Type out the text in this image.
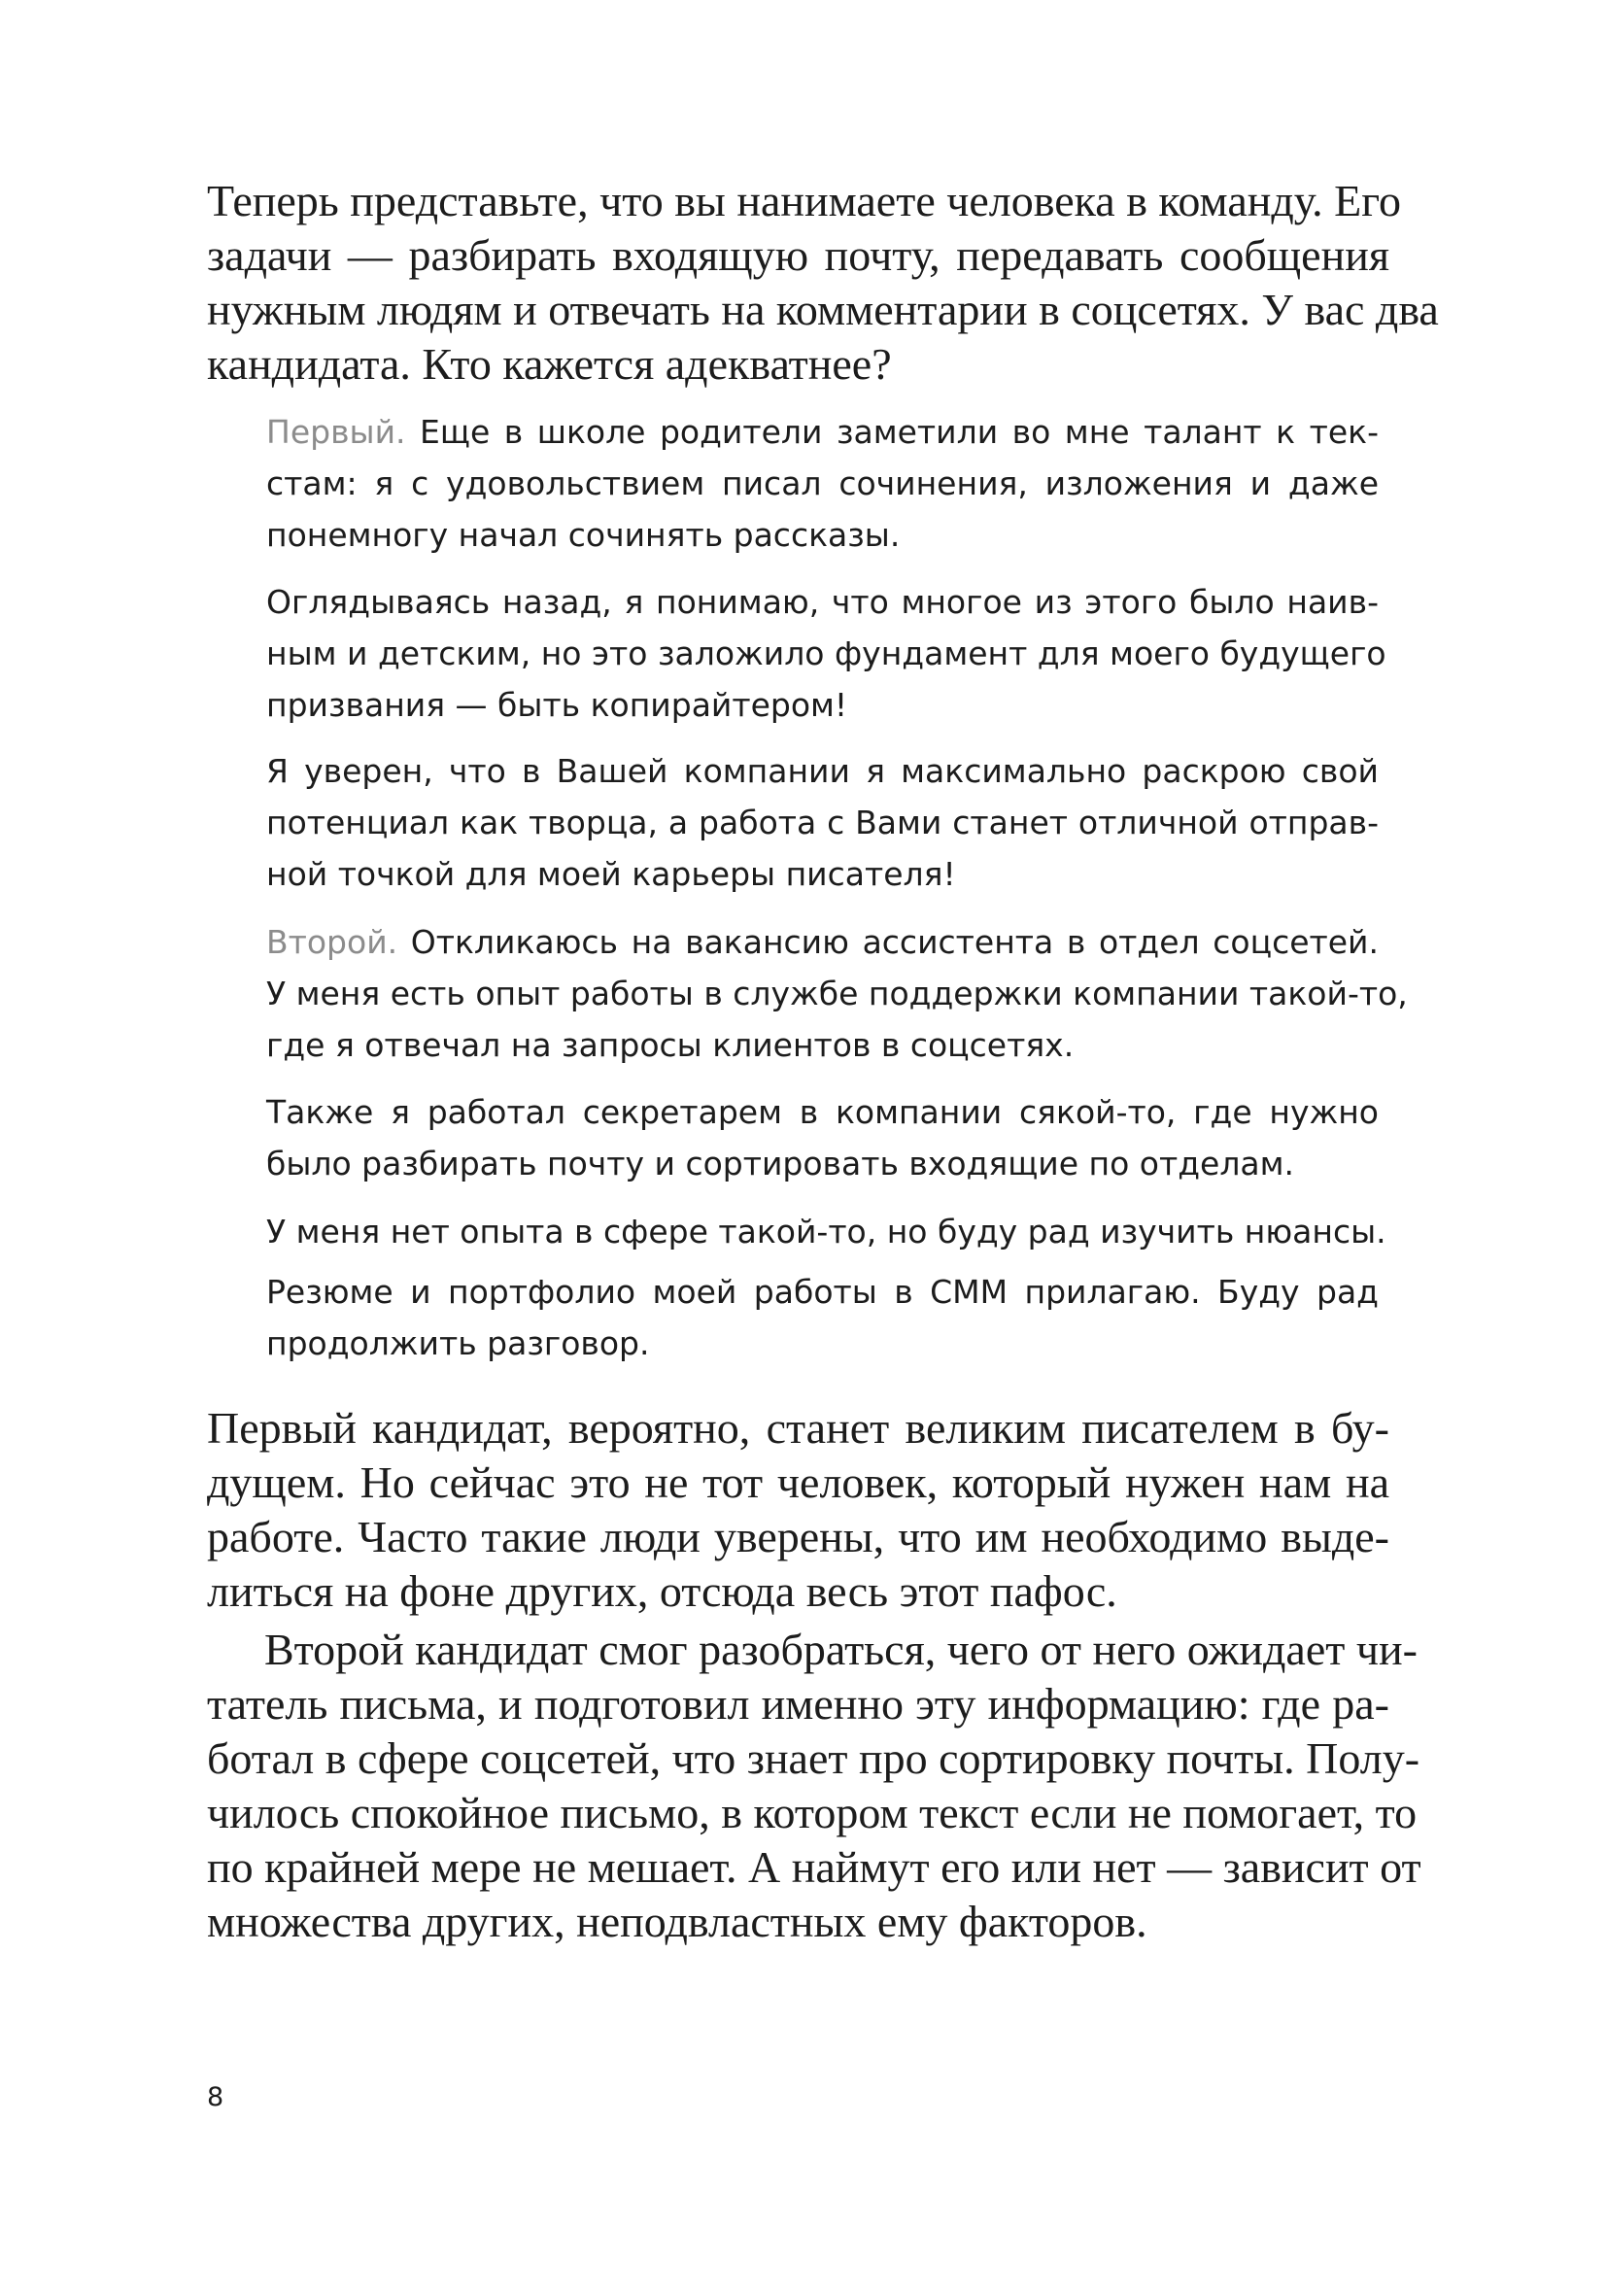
Теперь представьте, что вы нанимаете человека в команду. Его
задачи — разбирать входящую почту, передавать сообщения
нужным людям и отвечать на комментарии в соцсетях. У вас два
кандидата. Кто кажется адекватнее?
Первый. Еще в школе родители заметили во мне талант к тек-
стам: я с удовольствием писал сочинения, изложения и даже
понемногу начал сочинять рассказы.
Оглядываясь назад, я понимаю, что многое из этого было наив-
ным и детским, но это заложило фундамент для моего будущего
призвания — быть копирайтером!
Я уверен, что в Вашей компании я максимально раскрою свой
потенциал как творца, а работа с Вами станет отличной отправ-
ной точкой для моей карьеры писателя!
Второй. Откликаюсь на вакансию ассистента в отдел соцсетей.
У меня есть опыт работы в службе поддержки компании такой-то,
где я отвечал на запросы клиентов в соцсетях.
Также я работал секретарем в компании сякой-то, где нужно
было разбирать почту и сортировать входящие по отделам.
У меня нет опыта в сфере такой-то, но буду рад изучить нюансы.
Резюме и портфолио моей работы в СММ прилагаю. Буду рад
продолжить разговор.
Первый кандидат, вероятно, станет великим писателем в бу-
дущем. Но сейчас это не тот человек, который нужен нам на
работе. Часто такие люди уверены, что им необходимо выде-
литься на фоне других, отсюда весь этот пафос.
Второй кандидат смог разобраться, чего от него ожидает чи-
татель письма, и подготовил именно эту информацию: где ра-
ботал в сфере соцсетей, что знает про сортировку почты. Полу-
чилось спокойное письмо, в котором текст если не помогает, то
по крайней мере не мешает. А наймут его или нет — зависит от
множества других, неподвластных ему факторов.
8
